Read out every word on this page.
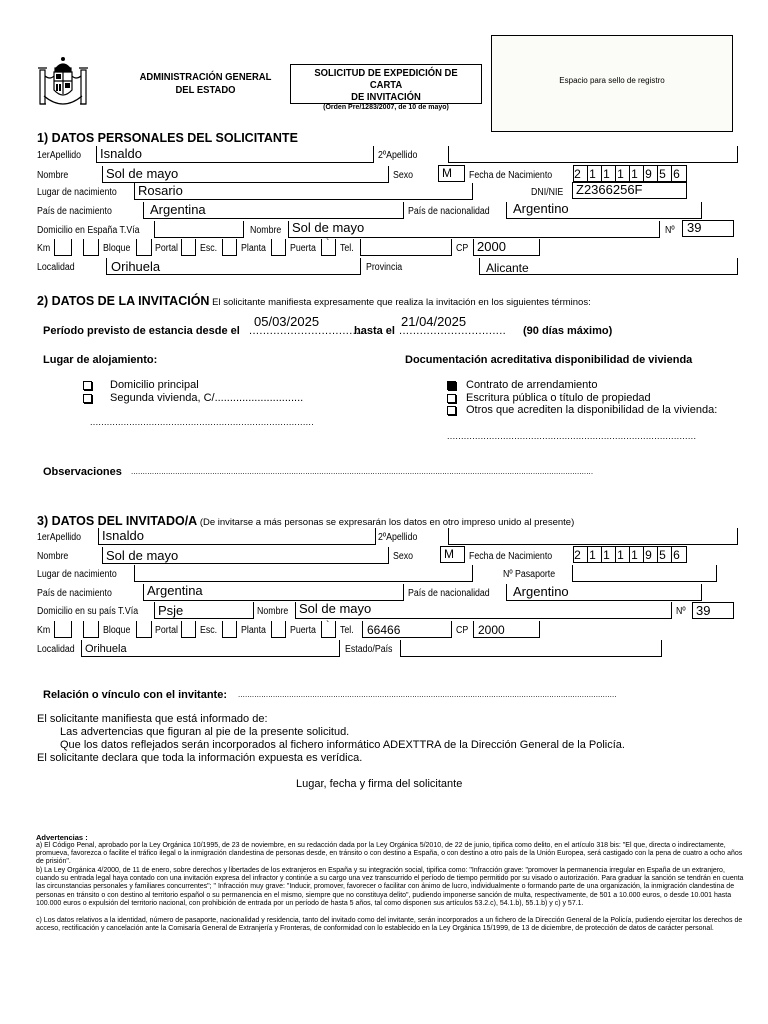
ADMINISTRACIÓN GENERAL
DEL ESTADO
SOLICITUD DE EXPEDICIÓN DE CARTA
DE INVITACIÓN
(Orden Pre/1283/2007, de 10 de mayo)
Espacio para sello de registro
1) DATOS PERSONALES DEL SOLICITANTE
1erApellido Isnaldo	2ºApellido
Nombre	Sol de mayo	Sexo M Fecha de Nacimiento 2 1 1 1 1 9 5 6
Lugar de nacimiento Rosario	DNI/NIE Z2366256F
País de nacimiento	Argentina	País de nacionalidad Argentino
Domicilio en España T.Vía	Nombre Sol de mayo	Nº 39
Km	Bloque Portal Esc. Planta Puerta ` Tel.	CP 2000
Localidad	Orihuela	Provincia	Alicante
2) DATOS DE LA INVITACIÓN El solicitante manifiesta expresamente que realiza la invitación en los siguientes términos:
Período previsto de estancia desde el .................................
05/03/2025
hasta el ...............................
21/04/2025
(90 días máximo)
Lugar de alojamiento:	Documentación acreditativa disponibilidad de vivienda
Domicilio principal
Segunda vivienda, C/.............................
................................................................................
Contrato de arrendamiento
Escritura pública o título de propiedad
Otros que acrediten la disponibilidad de la vivienda:
.........................................................................................
Observaciones .......................................................................................................................................................................................................
3) DATOS DEL INVITADO/A (De invitarse a más personas se expresarán los datos en otro impreso unido al presente)
1erApellido Isnaldo	2ºApellido
Nombre	Sol de mayo	Sexo	M Fecha de Nacimiento 2 1 1 1 1 9 5 6
Lugar de nacimiento	Nº Pasaporte
País de nacimiento	Argentina	País de nacionalidad Argentino
Domicilio en su país T.Vía Psje	Nombre Sol de mayo	Nº 39
Km	Bloque Portal Esc. Planta Puerta ` Tel. 66466	CP 2000
Localidad Orihuela	Estado/País
Relación o vínculo con el invitante: ...................................................................................................................................................................
El solicitante manifiesta que está informado de:
Las advertencias que figuran al pie de la presente solicitud.
Que los datos reflejados serán incorporados al fichero informático ADEXTTRA de la Dirección General de la Policía.
El solicitante declara que toda la información expuesta es verídica.
Lugar, fecha y firma del solicitante
Advertencias :
a) El Código Penal, aprobado por la Ley Orgánica 10/1995, de 23 de noviembre, en su redacción dada por la Ley Orgánica 5/2010, de 22 de junio, tipifica como delito, en el artículo 318 bis: "El que, directa o indirectamente, promueva, favorezca o facilite el tráfico ilegal o la inmigración clandestina de personas desde, en tránsito o con destino a España, o con destino a otro país de la Unión Europea, será castigado con la pena de cuatro a ocho años de prisión".
b) La Ley Orgánica 4/2000, de 11 de enero, sobre derechos y libertades de los extranjeros en España y su integración social, tipifica como: "Infracción grave: "promover la permanencia irregular en España de un extranjero, cuando su entrada legal haya contado con una invitación expresa del infractor y continúe a su cargo una vez transcurrido el período de tiempo permitido por su visado o autorización. Para graduar la sanción se tendrán en cuenta las circunstancias personales y familiares concurrentes"; " Infracción muy grave: "Inducir, promover, favorecer o facilitar con ánimo de lucro, individualmente o formando parte de una organización, la inmigración clandestina de personas en tránsito o con destino al territorio español o su permanencia en el mismo, siempre que no constituya delito", pudiendo imponerse sanción de multa, respectivamente, de 501 a 10.000 euros, o desde 10.001 hasta 100.000 euros o expulsión del territorio nacional, con prohibición de entrada por un período de hasta 5 años, tal como disponen sus artículos 53.2.c), 54.1.b), 55.1.b) y c) y 57.1.
c) Los datos relativos a la identidad, número de pasaporte, nacionalidad y residencia, tanto del invitado como del invitante, serán incorporados a un fichero de la Dirección General de la Policía, pudiendo ejercitar los derechos de acceso, rectificación y cancelación ante la Comisaría General de Extranjería y Fronteras, de conformidad con lo establecido en la Ley Orgánica 15/1999, de 13 de diciembre, de protección de datos de carácter personal.
